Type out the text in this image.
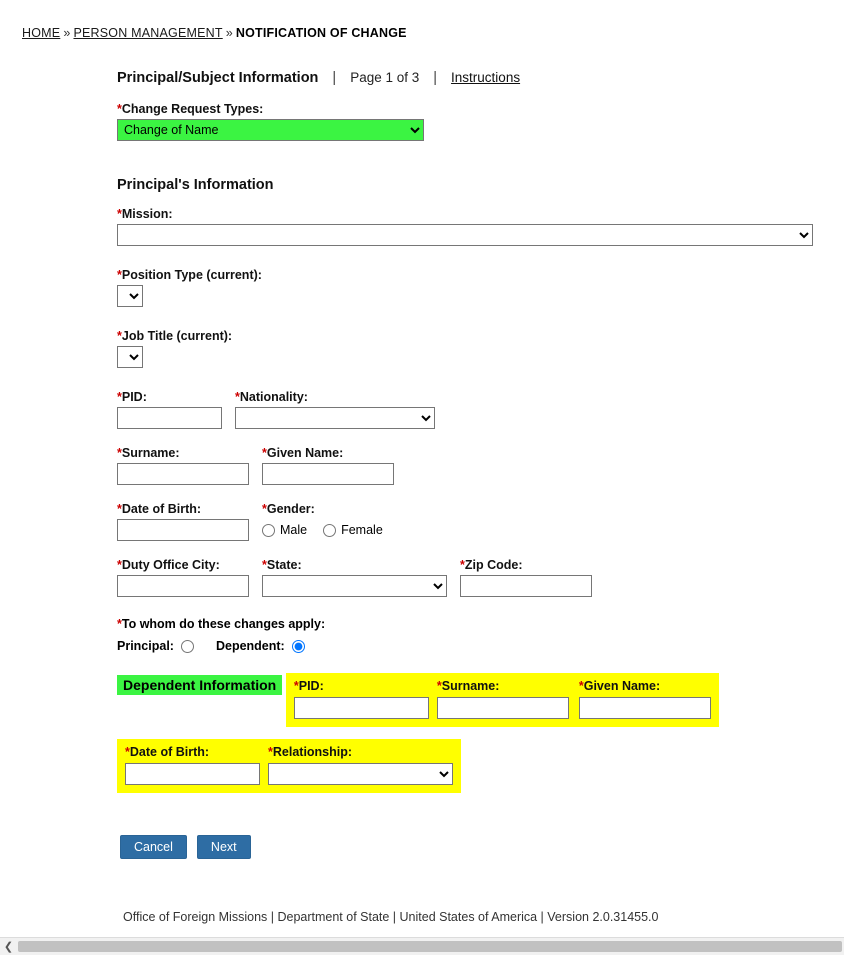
HOME » PERSON MANAGEMENT » NOTIFICATION OF CHANGE
Principal/Subject Information | Page 1 of 3 | Instructions
*Change Request Types:
Change of Name
Principal's Information
*Mission:
*Position Type (current):
*Job Title (current):
*PID:	*Nationality:
*Surname:	*Given Name:
*Date of Birth:	*Gender:
Male	Female
*Duty Office City:	*State:	*Zip Code:
*To whom do these changes apply:
Principal:	Dependent:
Dependent Information *PID:	*Surname:	*Given Name:
*Date of Birth:	*Relationship:
Cancel	Next
Office of Foreign Missions | Department of State | United States of America | Version 2.0.31455.0
❮
